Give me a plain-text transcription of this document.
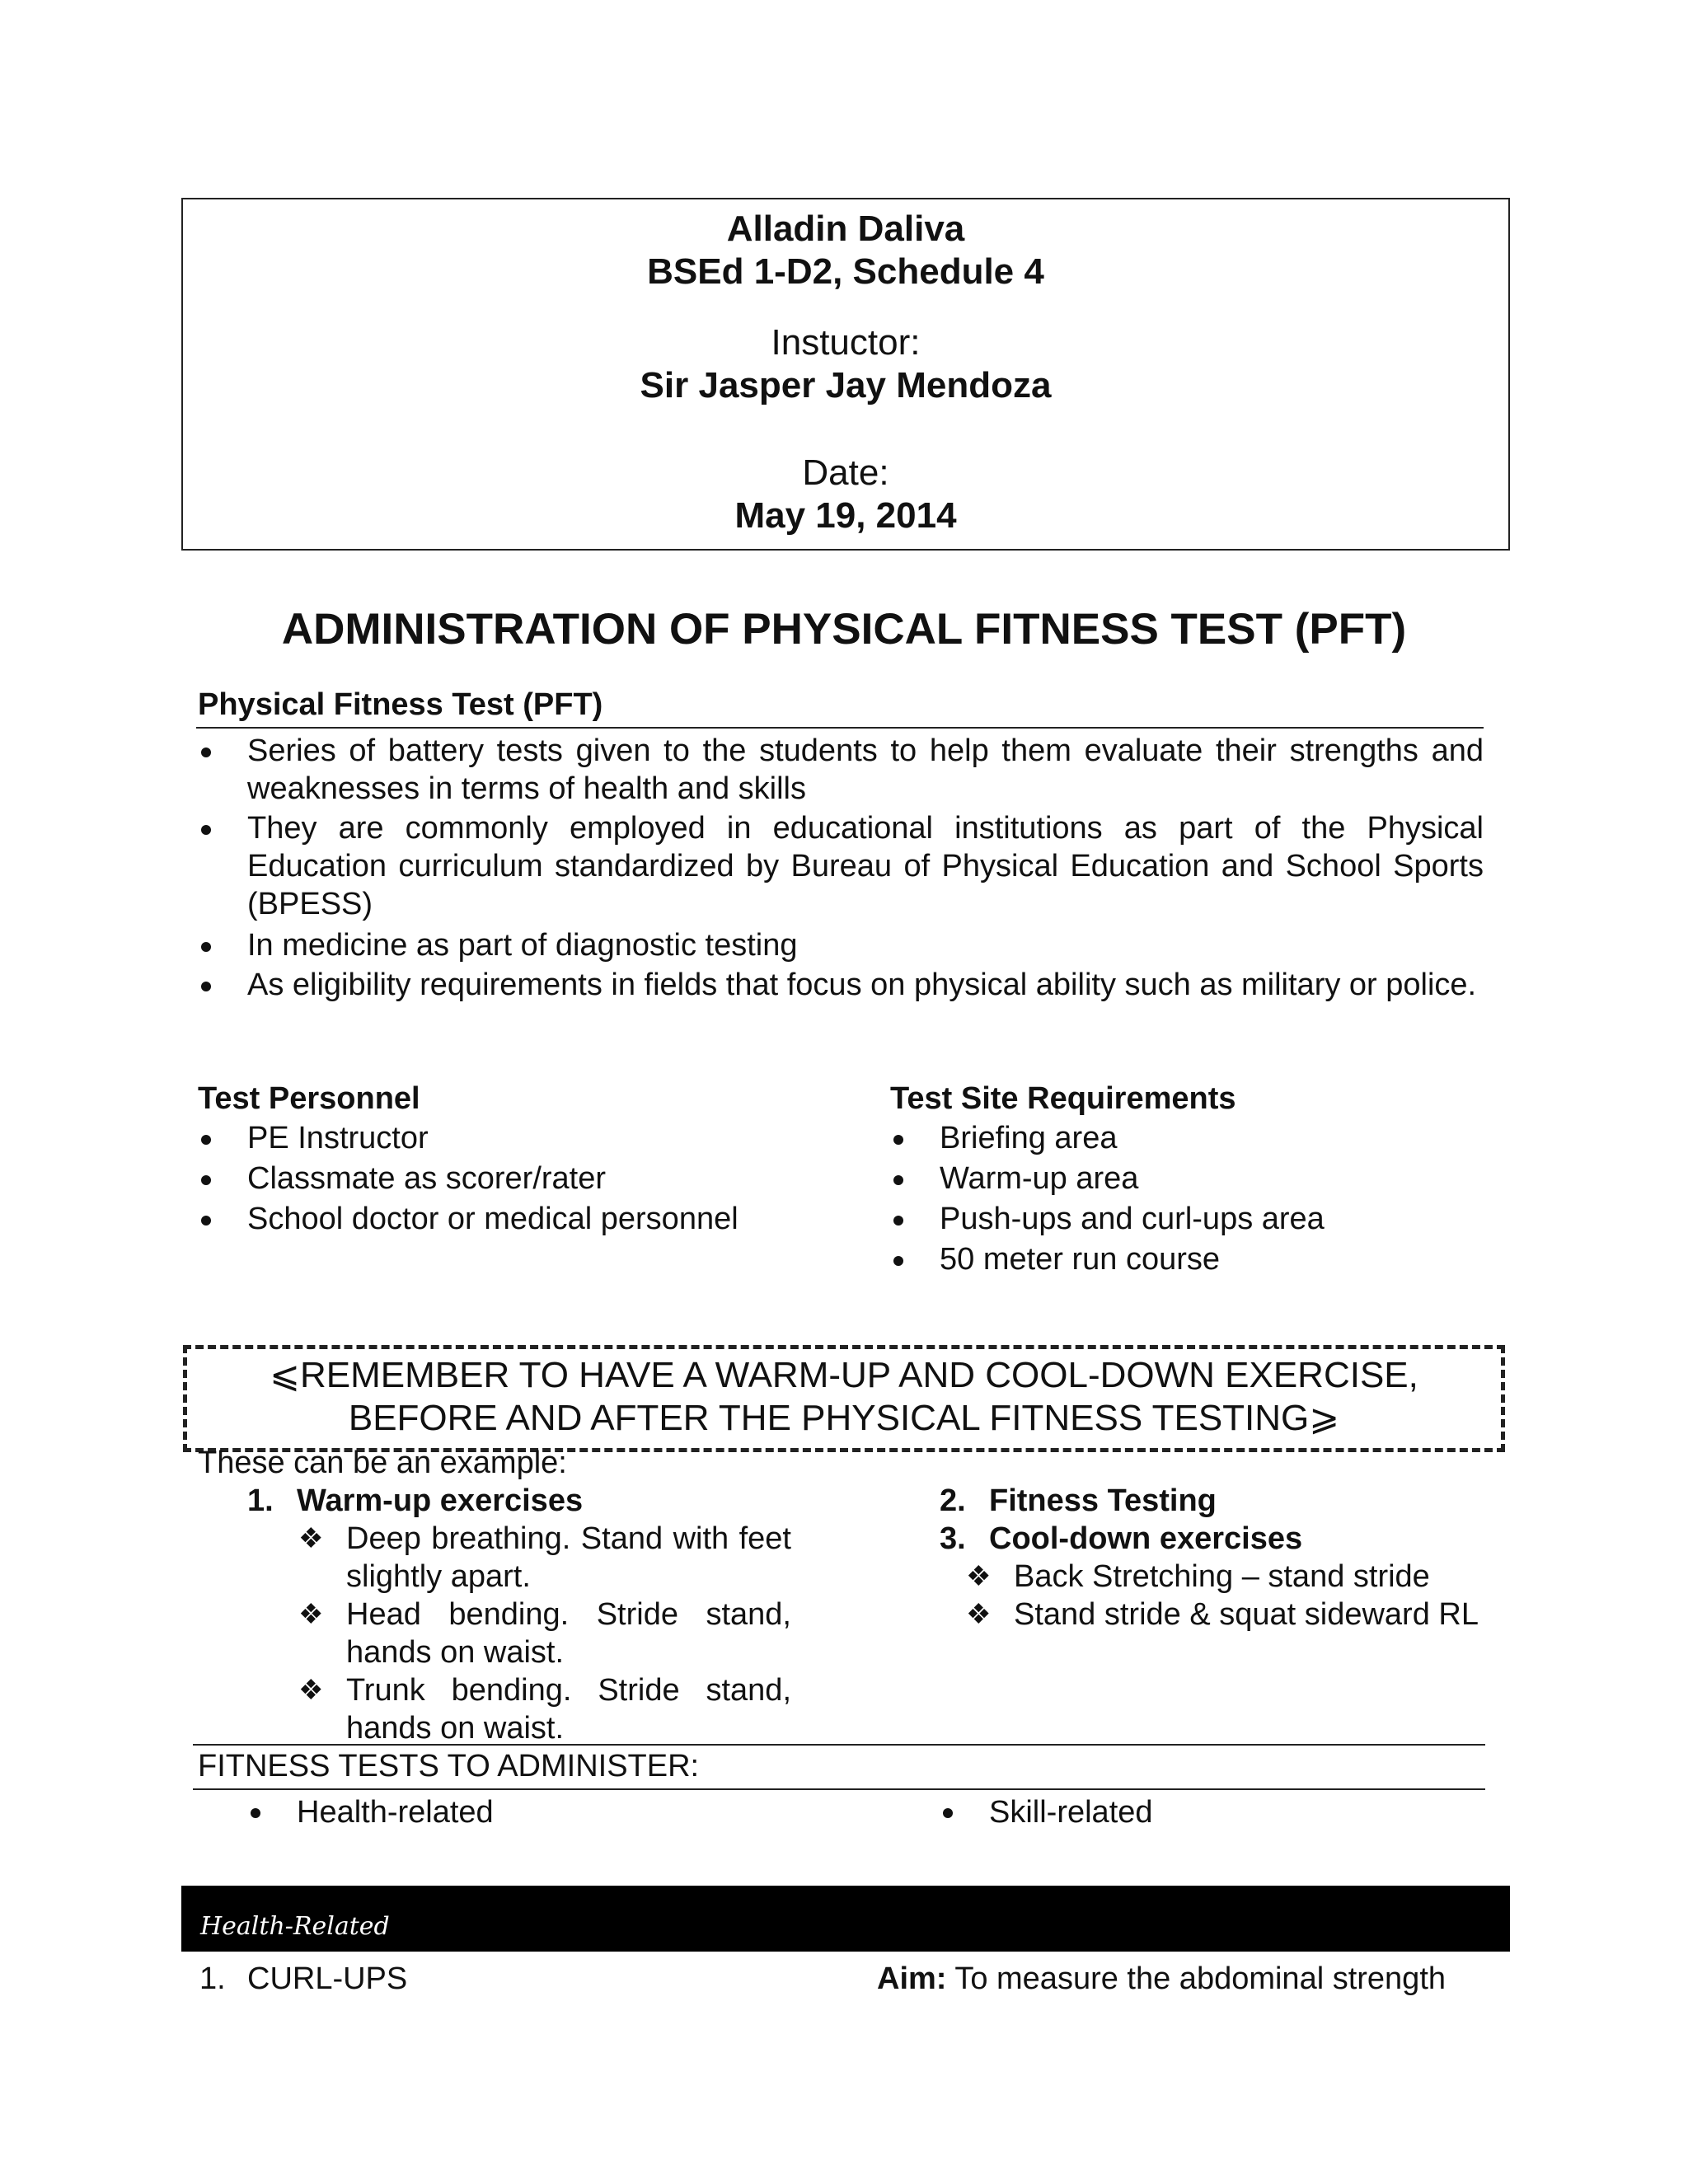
Alladin Daliva
BSEd 1-D2, Schedule 4
Instuctor:
Sir Jasper Jay Mendoza
Date:
May 19, 2014
ADMINISTRATION OF PHYSICAL FITNESS TEST (PFT)
Physical Fitness Test (PFT)
Series of battery tests given to the students to help them evaluate their strengths and weaknesses in terms of health and skills
They are commonly employed in educational institutions as part of the Physical Education curriculum standardized by Bureau of Physical Education and School Sports (BPESS)
In medicine as part of diagnostic testing
As eligibility requirements in fields that focus on physical ability such as military or police.
Test Personnel
PE Instructor
Classmate as scorer/rater
School doctor or medical personnel
Test Site Requirements
Briefing area
Warm-up area
Push-ups and curl-ups area
50 meter run course
⩽REMEMBER TO HAVE A WARM-UP AND COOL-DOWN EXERCISE,
BEFORE AND AFTER THE PHYSICAL FITNESS TESTING⩾
These can be an example:
1. Warm-up exercises
❖ Deep breathing. Stand with feet slightly apart.
❖ Head bending. Stride stand, hands on waist.
❖ Trunk bending. Stride stand, hands on waist.
2. Fitness Testing
3. Cool-down exercises
❖ Back Stretching – stand stride
❖ Stand stride & squat sideward RL
FITNESS TESTS TO ADMINISTER:
Health-related	Skill-related
Health-Related
1. CURL-UPS	Aim: To measure the abdominal strength
